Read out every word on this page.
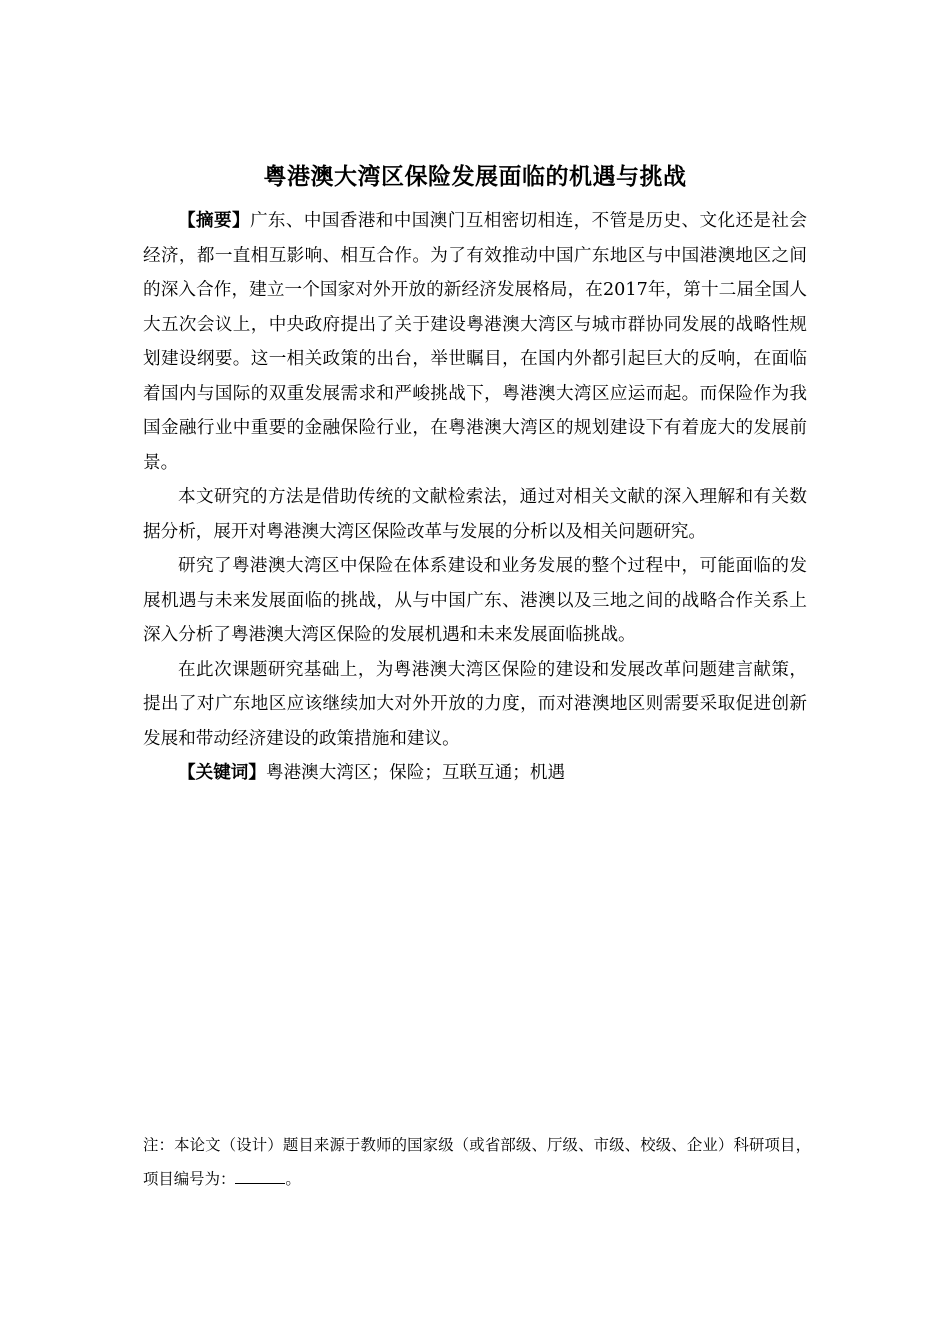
粤港澳大湾区保险发展面临的机遇与挑战

【摘要】广东、中国香港和中国澳门互相密切相连，不管是历史、文化还是社会经济，都一直相互影响、相互合作。为了有效推动中国广东地区与中国港澳地区之间的深入合作，建立一个国家对外开放的新经济发展格局，在2017年，第十二届全国人大五次会议上，中央政府提出了关于建设粤港澳大湾区与城市群协同发展的战略性规划建设纲要。这一相关政策的出台，举世瞩目，在国内外都引起巨大的反响，在面临着国内与国际的双重发展需求和严峻挑战下，粤港澳大湾区应运而起。而保险作为我国金融行业中重要的金融保险行业，在粤港澳大湾区的规划建设下有着庞大的发展前景。

本文研究的方法是借助传统的文献检索法，通过对相关文献的深入理解和有关数据分析，展开对粤港澳大湾区保险改革与发展的分析以及相关问题研究。

研究了粤港澳大湾区中保险在体系建设和业务发展的整个过程中，可能面临的发展机遇与未来发展面临的挑战，从与中国广东、港澳以及三地之间的战略合作关系上深入分析了粤港澳大湾区保险的发展机遇和未来发展面临挑战。

在此次课题研究基础上，为粤港澳大湾区保险的建设和发展改革问题建言献策，提出了对广东地区应该继续加大对外开放的力度，而对港澳地区则需要采取促进创新发展和带动经济建设的政策措施和建议。

【关键词】粤港澳大湾区；保险；互联互通；机遇

注：本论文（设计）题目来源于教师的国家级（或省部级、厅级、市级、校级、企业）科研项目，项目编号为：	。
